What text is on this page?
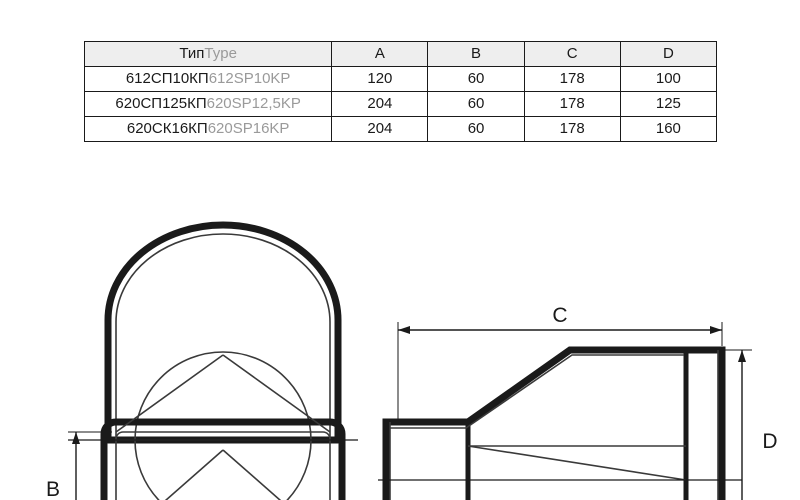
ТипType	A	B	C	D
612СП10КП612SP10KP	120	60	178	100
620СП125КП620SP12,5KP	204	60	178	125
620СК16КП620SP16KP	204	60	178	160
B
C
D
